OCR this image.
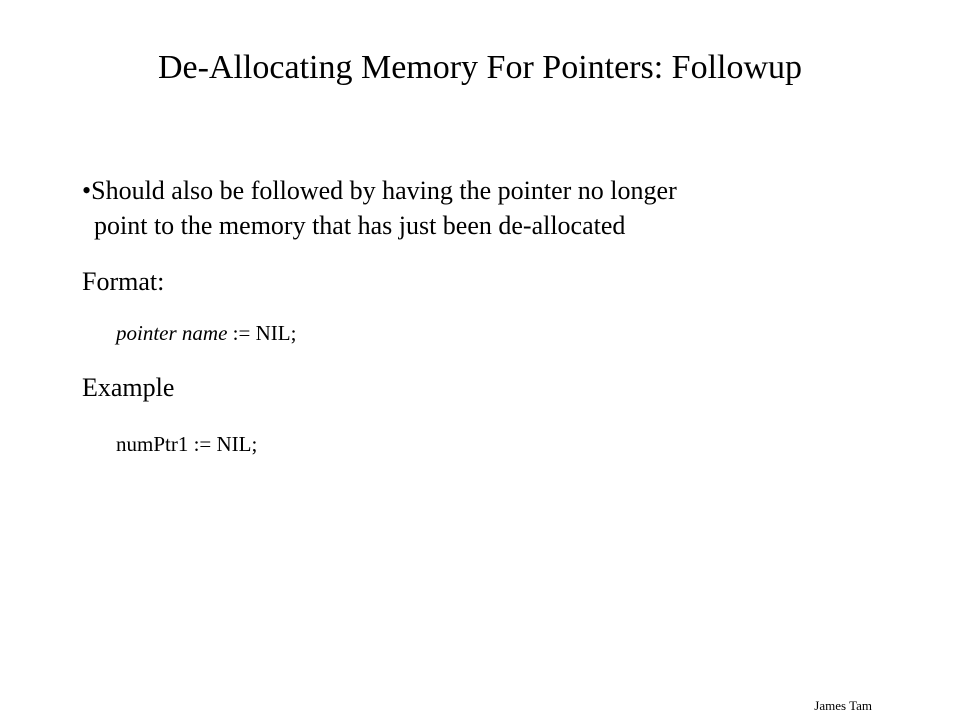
De-Allocating Memory For Pointers: Followup
•Should also be followed by having the pointer no longer
point to the memory that has just been de-allocated
Format:
pointer name := NIL;
Example
numPtr1 := NIL;
James Tam
